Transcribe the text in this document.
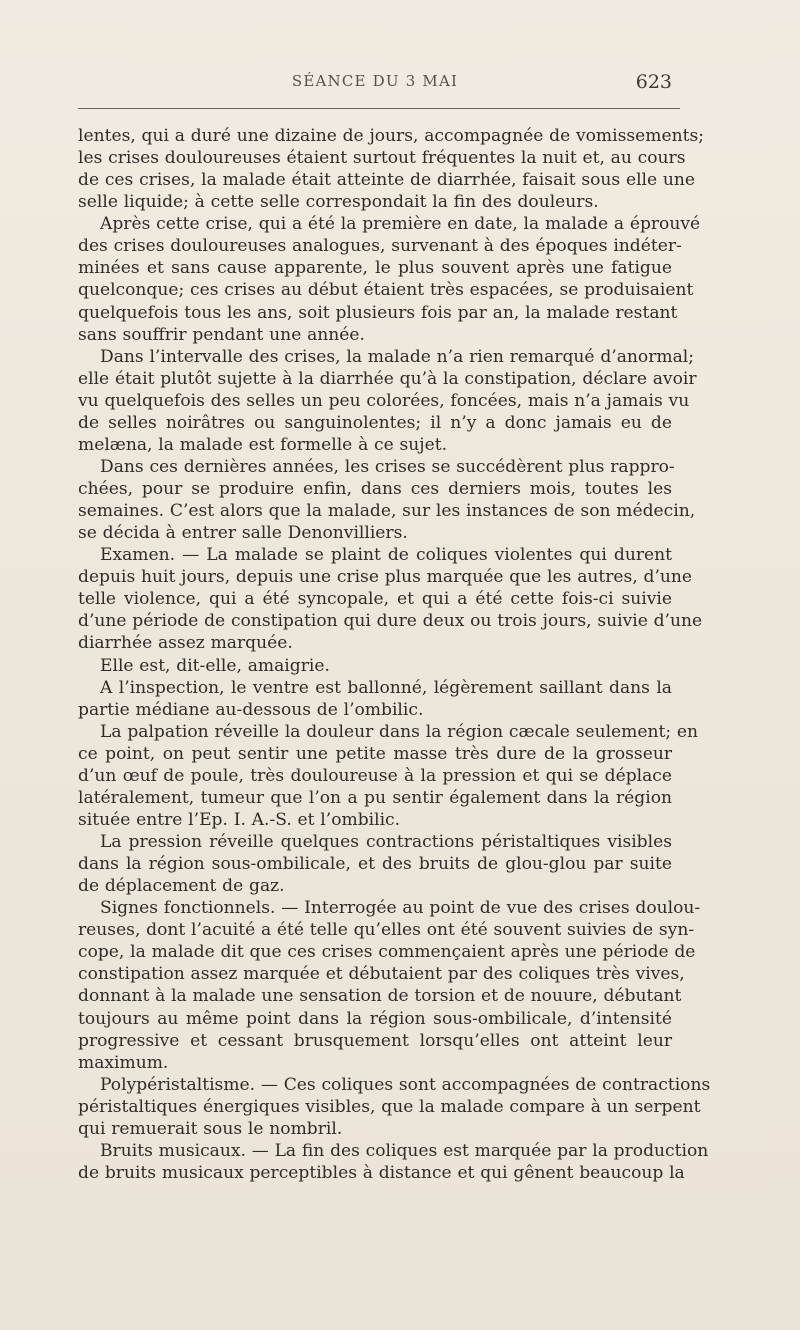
SÉANCE DU 3 MAI	623
lentes, qui a duré une dizaine de jours, accompagnée de vomissements;
les crises douloureuses étaient surtout fréquentes la nuit et, au cours
de ces crises, la malade était atteinte de diarrhée, faisait sous elle une
selle liquide; à cette selle correspondait la fin des douleurs.
Après cette crise, qui a été la première en date, la malade a éprouvé
des crises douloureuses analogues, survenant à des époques indéter-
minées et sans cause apparente, le plus souvent après une fatigue
quelconque; ces crises au début étaient très espacées, se produisaient
quelquefois tous les ans, soit plusieurs fois par an, la malade restant
sans souffrir pendant une année.
Dans l’intervalle des crises, la malade n’a rien remarqué d’anormal;
elle était plutôt sujette à la diarrhée qu’à la constipation, déclare avoir
vu quelquefois des selles un peu colorées, foncées, mais n’a jamais vu
de selles noirâtres ou sanguinolentes; il n’y a donc jamais eu de
melæna, la malade est formelle à ce sujet.
Dans ces dernières années, les crises se succédèrent plus rappro-
chées, pour se produire enfin, dans ces derniers mois, toutes les
semaines. C’est alors que la malade, sur les instances de son médecin,
se décida à entrer salle Denonvilliers.
Examen. — La malade se plaint de coliques violentes qui durent
depuis huit jours, depuis une crise plus marquée que les autres, d’une
telle violence, qui a été syncopale, et qui a été cette fois-ci suivie
d’une période de constipation qui dure deux ou trois jours, suivie d’une
diarrhée assez marquée.
Elle est, dit-elle, amaigrie.
A l’inspection, le ventre est ballonné, légèrement saillant dans la
partie médiane au-dessous de l’ombilic.
La palpation réveille la douleur dans la région cæcale seulement; en
ce point, on peut sentir une petite masse très dure de la grosseur
d’un œuf de poule, très douloureuse à la pression et qui se déplace
latéralement, tumeur que l’on a pu sentir également dans la région
située entre l’Ep. I. A.-S. et l’ombilic.
La pression réveille quelques contractions péristaltiques visibles
dans la région sous-ombilicale, et des bruits de glou-glou par suite
de déplacement de gaz.
Signes fonctionnels. — Interrogée au point de vue des crises doulou-
reuses, dont l’acuité a été telle qu’elles ont été souvent suivies de syn-
cope, la malade dit que ces crises commençaient après une période de
constipation assez marquée et débutaient par des coliques très vives,
donnant à la malade une sensation de torsion et de nouure, débutant
toujours au même point dans la région sous-ombilicale, d’intensité
progressive et cessant brusquement lorsqu’elles ont atteint leur
maximum.
Polypéristaltisme. — Ces coliques sont accompagnées de contractions
péristaltiques énergiques visibles, que la malade compare à un serpent
qui remuerait sous le nombril.
Bruits musicaux. — La fin des coliques est marquée par la production
de bruits musicaux perceptibles à distance et qui gênent beaucoup la
